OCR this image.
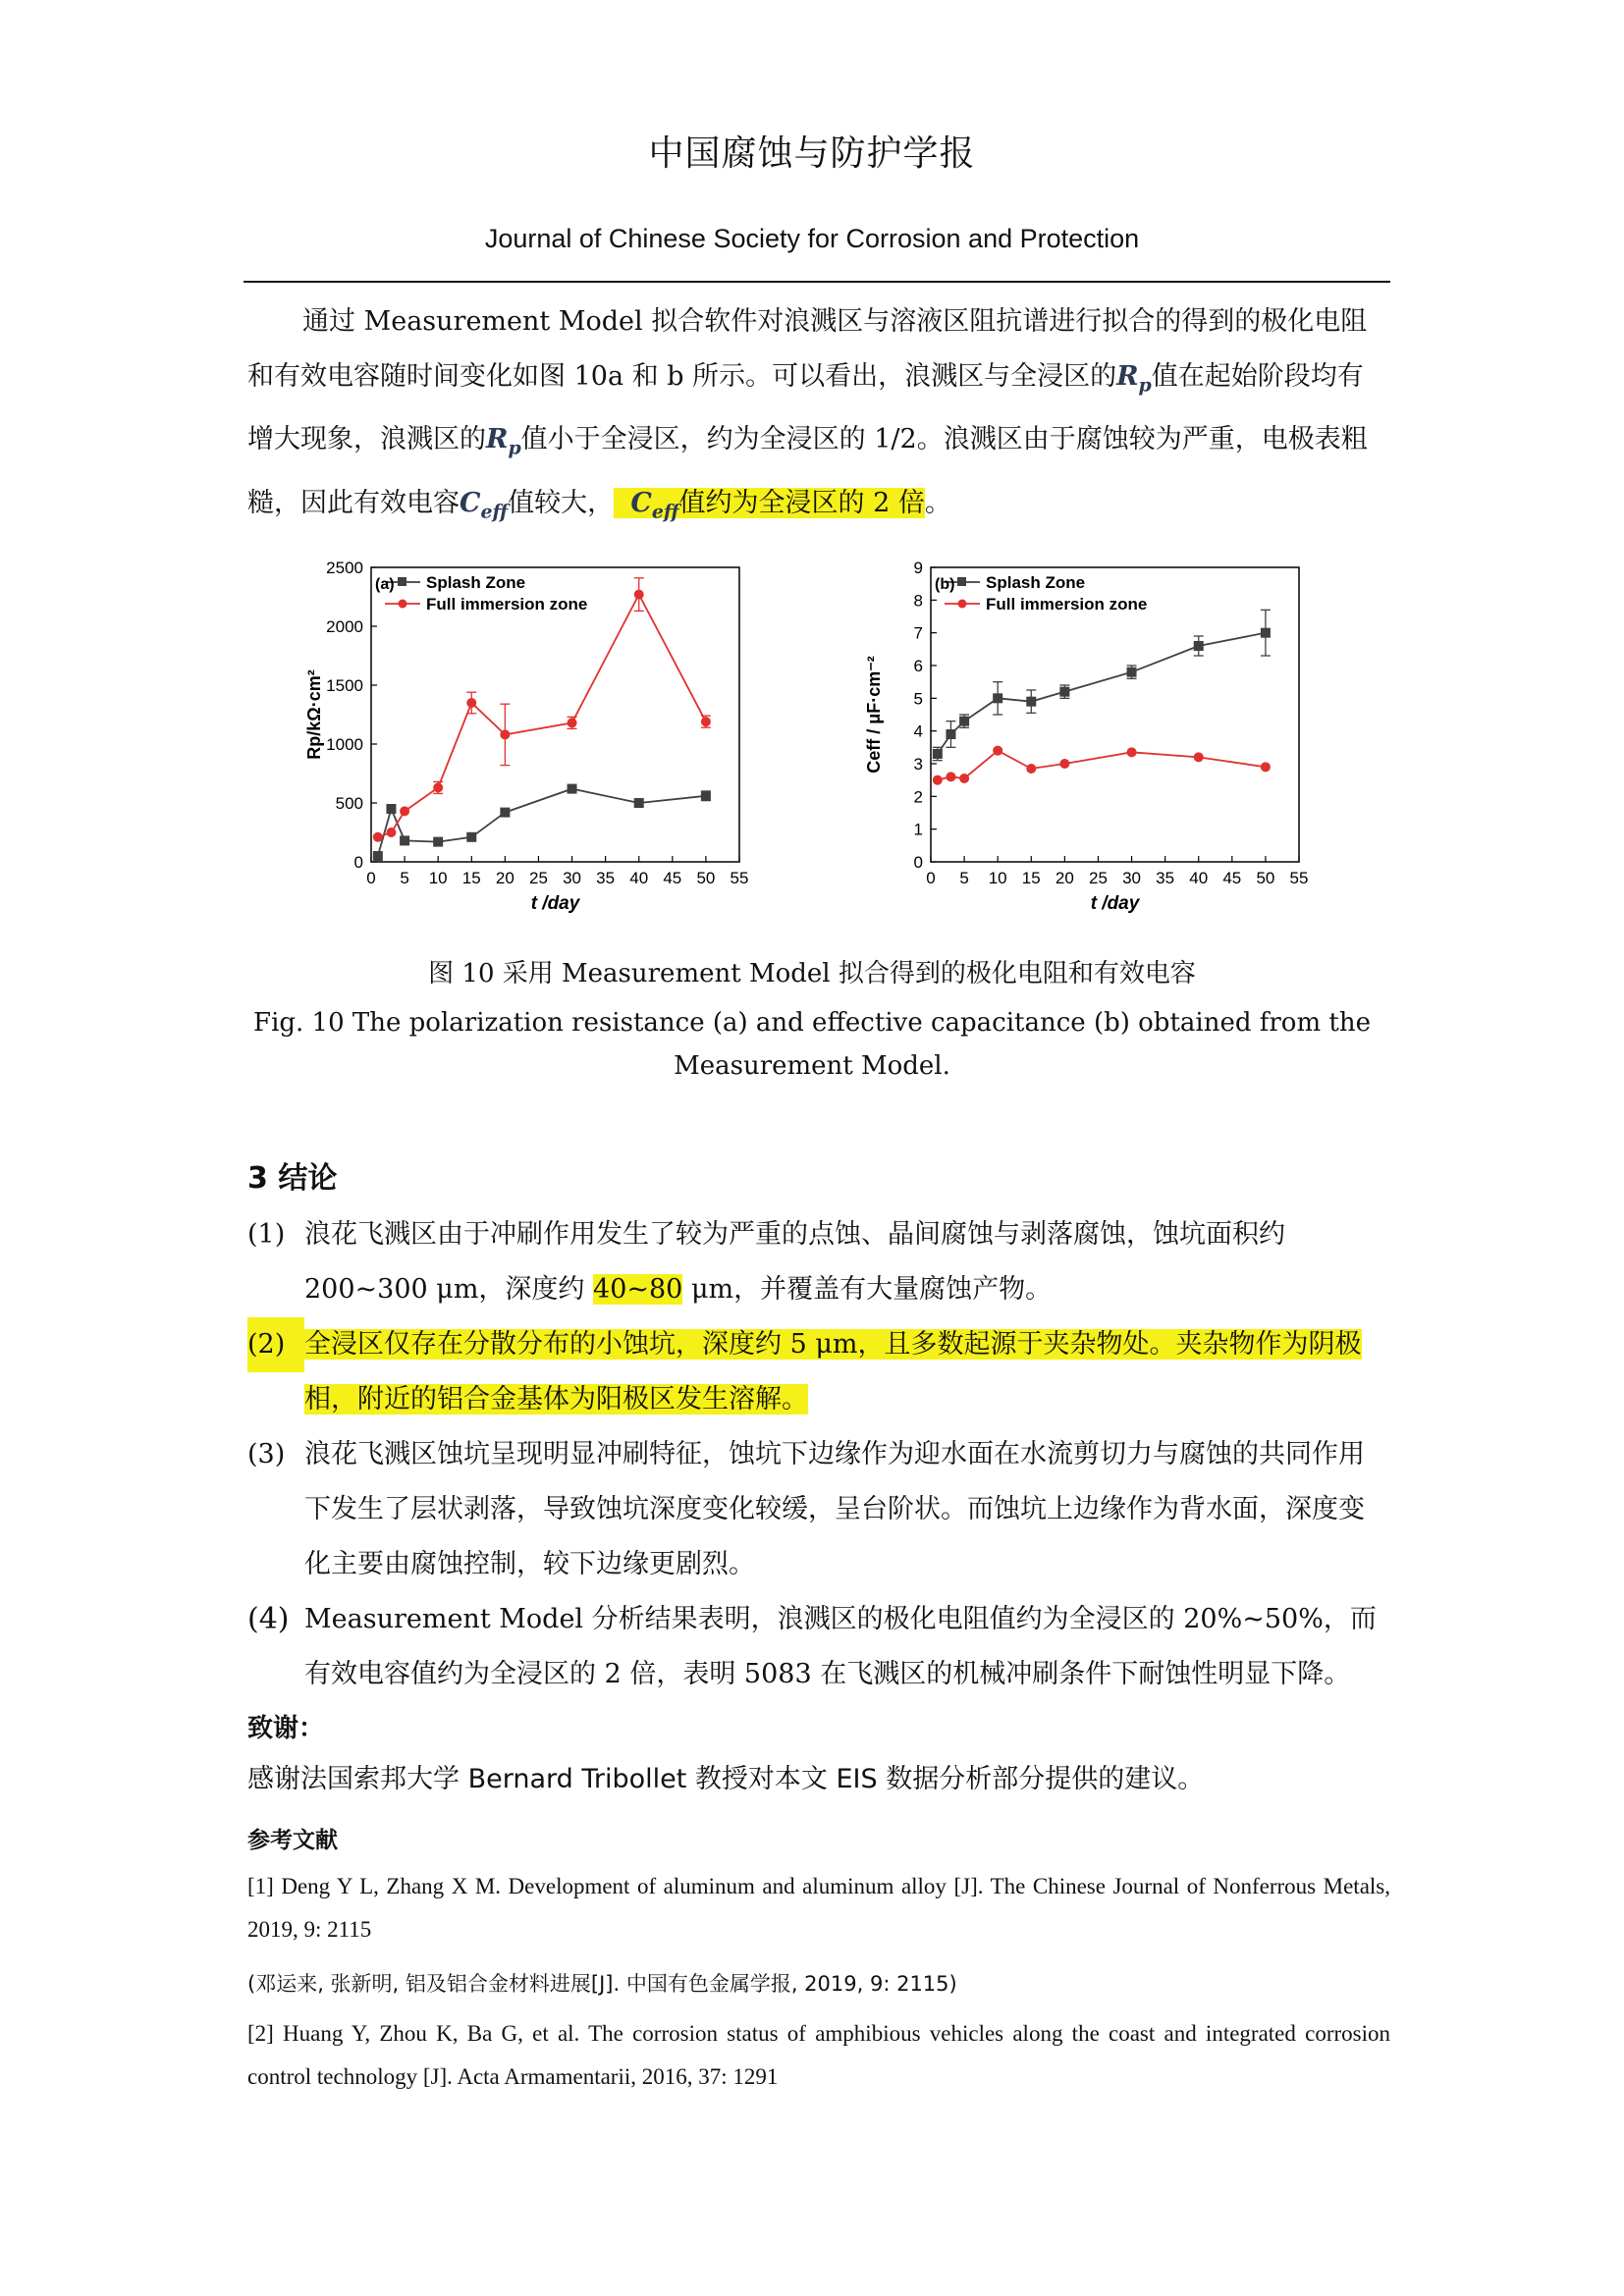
中国腐蚀与防护学报
Journal of Chinese Society for Corrosion and Protection
通过 Measurement Model 拟合软件对浪溅区与溶液区阻抗谱进行拟合的得到的极化电阻和有效电容随时间变化如图 10a 和 b 所示。可以看出，浪溅区与全浸区的$R_p$值在起始阶段均有增大现象，浪溅区的$R_p$值小于全浸区，约为全浸区的 1/2。浪溅区由于腐蚀较为严重，电极表粗糙，因此有效电容$C_{eff}$值较大， $C_{eff}$值约为全浸区的 2 倍。
0 5 10 15 20 25 30 35 40 45 50 55
0
500
1000
1500
2000
2500
t /day
Rp/kΩ·cm²
Splash Zone
Full immersion zone
(a)
0 5 10 15 20 25 30 35 40 45 50 55
0
1
2
3
4
5
6
7
8
9
t /day
Ceff / μF·cm⁻²
Splash Zone
Full immersion zone
(b)
图 10 采用 Measurement Model 拟合得到的极化电阻和有效电容
Fig. 10 The polarization resistance (a) and effective capacitance (b) obtained from the
Measurement Model.
3 结论
(1) 浪花飞溅区由于冲刷作用发生了较为严重的点蚀、晶间腐蚀与剥落腐蚀，蚀坑面积约 200~300 μm，深度约 40~80 μm，并覆盖有大量腐蚀产物。
(2) 全浸区仅存在分散分布的小蚀坑，深度约 5 μm，且多数起源于夹杂物处。夹杂物作为阴极相，附近的铝合金基体为阳极区发生溶解。
(3) 浪花飞溅区蚀坑呈现明显冲刷特征，蚀坑下边缘作为迎水面在水流剪切力与腐蚀的共同作用下发生了层状剥落，导致蚀坑深度变化较缓，呈台阶状。而蚀坑上边缘作为背水面，深度变化主要由腐蚀控制，较下边缘更剧烈。
(4) Measurement Model 分析结果表明，浪溅区的极化电阻值约为全浸区的 20%~50%，而有效电容值约为全浸区的 2 倍，表明 5083 在飞溅区的机械冲刷条件下耐蚀性明显下降。
致谢：
感谢法国索邦大学 Bernard Tribollet 教授对本文 EIS 数据分析部分提供的建议。
参考文献
[1] Deng Y L, Zhang X M. Development of aluminum and aluminum alloy [J]. The Chinese Journal of Nonferrous Metals, 2019, 9: 2115
(邓运来, 张新明, 铝及铝合金材料进展[J]. 中国有色金属学报, 2019, 9: 2115)
[2] Huang Y, Zhou K, Ba G, et al. The corrosion status of amphibious vehicles along the coast and integrated corrosion control technology [J]. Acta Armamentarii, 2016, 37: 1291
